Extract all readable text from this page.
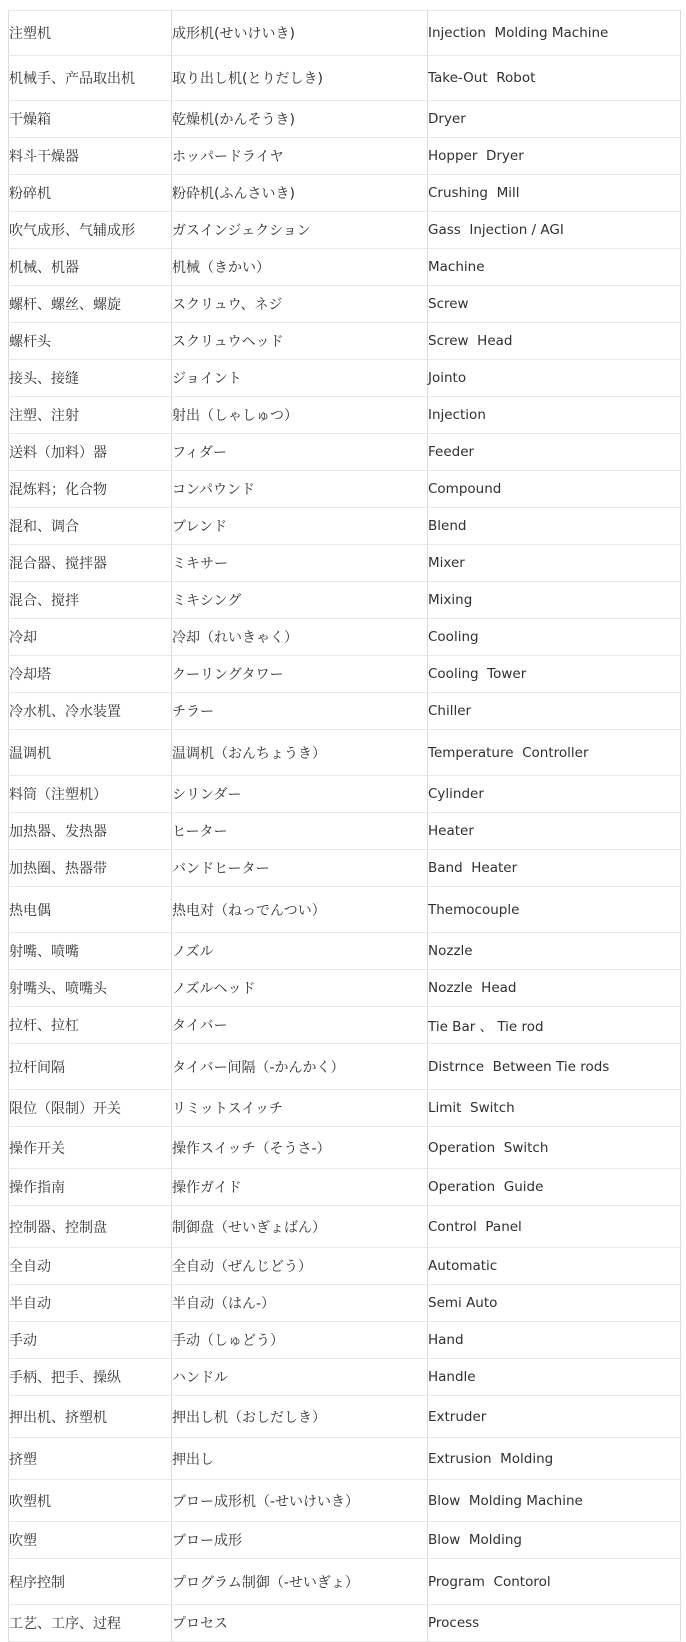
注塑机	成形机(せいけいき)	Injection  Molding Machine
机械手、产品取出机	取り出し机(とりだしき)	Take-Out  Robot
干燥箱	乾燥机(かんそうき)	Dryer
料斗干燥器	ホッパードライヤ	Hopper  Dryer
粉碎机	粉砕机(ふんさいき)	Crushing  Mill
吹气成形、气辅成形	ガスインジェクション	Gass  Injection / AGI
机械、机器	机械（きかい）	Machine
螺杆、螺丝、螺旋	スクリュウ、ネジ	Screw
螺杆头	スクリュウヘッド	Screw  Head
接头、接缝	ジョイント	Jointo
注塑、注射	射出（しゃしゅつ）	Injection
送料（加料）器	フィダー	Feeder
混炼料；化合物	コンパウンド	Compound
混和、调合	ブレンド	Blend
混合器、搅拌器	ミキサー	Mixer
混合、搅拌	ミキシング	Mixing
冷却	冷却（れいきゃく）	Cooling
冷却塔	クーリングタワー	Cooling  Tower
冷水机、冷水装置	チラー	Chiller
温调机	温调机（おんちょうき）	Temperature  Controller
料筒（注塑机）	シリンダー	Cylinder
加热器、发热器	ヒーター	Heater
加热圈、热器带	バンドヒーター	Band  Heater
热电偶	热电对（ねっでんつい）	Themocouple
射嘴、喷嘴	ノズル	Nozzle
射嘴头、喷嘴头	ノズルヘッド	Nozzle  Head
拉杆、拉杠	タイバー	Tie Bar 、 Tie rod
拉杆间隔	タイバー间隔（-かんかく）	Distrnce  Between Tie rods
限位（限制）开关	リミットスイッチ	Limit  Switch
操作开关	操作スイッチ（そうさ-）	Operation  Switch
操作指南	操作ガイド	Operation  Guide
控制器、控制盘	制御盘（せいぎょばん）	Control  Panel
全自动	全自动（ぜんじどう）	Automatic
半自动	半自动（はん-）	Semi Auto
手动	手动（しゅどう）	Hand
手柄、把手、操纵	ハンドル	Handle
押出机、挤塑机	押出し机（おしだしき）	Extruder
挤塑	押出し	Extrusion  Molding
吹塑机	ブロー成形机（-せいけいき）	Blow  Molding Machine
吹塑	ブロー成形	Blow  Molding
程序控制	プログラム制御（-せいぎょ）	Program  Contorol
工艺、工序、过程	プロセス	Process
